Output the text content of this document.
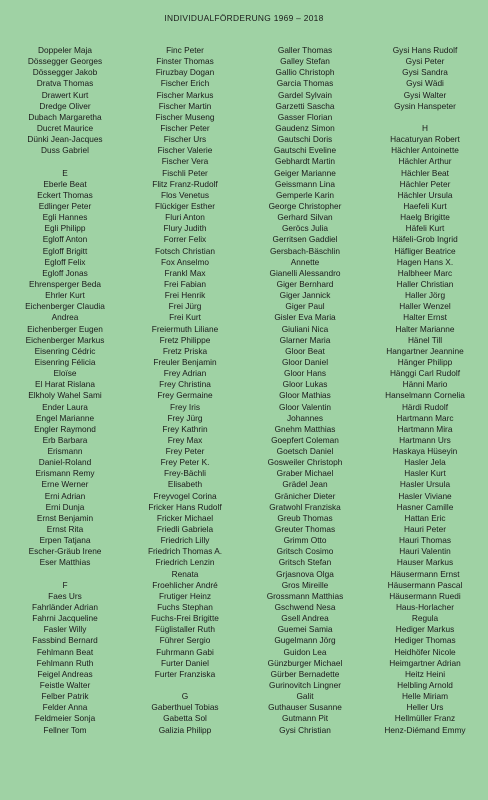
INDIVIDUALFÖRDERUNG 1969 – 2018
Doppeler Maja
Dössegger Georges
Dössegger Jakob
Dratva Thomas
Drawert Kurt
Dredge Oliver
Dubach Margaretha
Ducret Maurice
Dünki Jean-Jacques
Duss Gabriel
E
Eberle Beat
Eckert Thomas
Edlinger Peter
Egli Hannes
Egli Philipp
Egloff Anton
Egloff Brigitt
Egloff Felix
Egloff Jonas
Ehrensperger Beda
Ehrler Kurt
Eichenberger Claudia
Andrea
Eichenberger Eugen
Eichenberger Markus
Eisenring Cédric
Eisenring Félicia
Eloïse
El Harat Rislana
Elkholy Wahel Sami
Ender Laura
Engel Marianne
Engler Raymond
Erb Barbara
Erismann
Daniel-Roland
Erismann Remy
Erne Werner
Erni Adrian
Erni Dunja
Ernst Benjamin
Ernst Rita
Erpen Tatjana
Escher-Gräub Irene
Eser Matthias
F
Faes Urs
Fahrländer Adrian
Fahrni Jacqueline
Fasler Willy
Fassbind Bernard
Fehlmann Beat
Fehlmann Ruth
Feigel Andreas
Feistle Walter
Felber Patrik
Felder Anna
Feldmeier Sonja
Fellner Tom
Finc Peter
Finster Thomas
Firuzbay Dogan
Fischer Erich
Fischer Markus
Fischer Martin
Fischer Museng
Fischer Peter
Fischer Urs
Fischer Valerie
Fischer Vera
Fischli Peter
Flitz Franz-Rudolf
Flos Venetus
Flückiger Esther
Fluri Anton
Flury Judith
Forrer Felix
Fotsch Christian
Fox Anselmo
Frankl Max
Frei Fabian
Frei Henrik
Frei Jürg
Frei Kurt
Freiermuth Liliane
Fretz Philippe
Fretz Priska
Freuler Benjamin
Frey Adrian
Frey Christina
Frey Germaine
Frey Iris
Frey Jürg
Frey Kathrin
Frey Max
Frey Peter
Frey Peter K.
Frey-Bächli
Elisabeth
Freyvogel Corina
Fricker Hans Rudolf
Fricker Michael
Friedli Gabriela
Friedrich Lilly
Friedrich Thomas A.
Friedrich Lenzin
Renata
Froehlicher André
Frutiger Heinz
Fuchs Stephan
Fuchs-Frei Brigitte
Füglistaller Ruth
Führer Sergio
Fuhrmann Gabi
Furter Daniel
Furter Franziska
G
Gaberthuel Tobias
Gabetta Sol
Galizia Philipp
Galler Thomas
Galley Stefan
Gallio Christoph
Garcia Thomas
Gardel Sylvain
Garzetti Sascha
Gasser Florian
Gaudenz Simon
Gautschi Doris
Gautschi Eveline
Gebhardt Martin
Geiger Marianne
Geissmann Lina
Gemperle Karin
George Christopher
Gerhard Silvan
Geröcs Julia
Gerritsen Gaddiel
Gersbach-Bäschlin
Annette
Gianelli Alessandro
Giger Bernhard
Giger Jannick
Giger Paul
Gisler Eva Maria
Giuliani Nica
Glarner Maria
Gloor Beat
Gloor Daniel
Gloor Hans
Gloor Lukas
Gloor Mathias
Gloor Valentin
Johannes
Gnehm Matthias
Goepfert Coleman
Goetsch Daniel
Gosweiler Christoph
Graber Michael
Grädel Jean
Gränicher Dieter
Gratwohl Franziska
Greub Thomas
Greuter Thomas
Grimm Otto
Gritsch Cosimo
Gritsch Stefan
Grjasnova Olga
Gros Mireille
Grossmann Matthias
Gschwend Nesa
Gsell Andrea
Guemei Samia
Gugelmann Jörg
Guidon Lea
Günzburger Michael
Gürber Bernadette
Gurinovitch Lingner
Galit
Guthauser Susanne
Gutmann Pit
Gysi Christian
Gysi Hans Rudolf
Gysi Peter
Gysi Sandra
Gysi Wädi
Gysi Walter
Gysin Hanspeter
H
Hacaturyan Robert
Hächler Antoinette
Hächler Arthur
Hächler Beat
Hächler Peter
Hächler Ursula
Haefeli Kurt
Haelg Brigitte
Häfeli Kurt
Häfeli-Grob Ingrid
Häfliger Beatrice
Hagen Hans X.
Halbheer Marc
Haller Christian
Haller Jörg
Haller Wenzel
Halter Ernst
Halter Marianne
Hänel Till
Hangartner Jeannine
Hänger Philipp
Hänggi Carl Rudolf
Hänni Mario
Hanselmann Cornelia
Härdi Rudolf
Hartmann Marc
Hartmann Mira
Hartmann Urs
Haskaya Hüseyin
Hasler Jela
Hasler Kurt
Hasler Ursula
Hasler Viviane
Hasner Camille
Hattan Eric
Hauri Peter
Hauri Thomas
Hauri Valentin
Hauser Markus
Häusermann Ernst
Häusermann Pascal
Häusermann Ruedi
Haus-Horlacher
Regula
Hediger Markus
Hediger Thomas
Heidhöfer Nicole
Heimgartner Adrian
Heitz Heini
Helbling Arnold
Helle Miriam
Heller Urs
Hellmüller Franz
Henz-Diémand Emmy
